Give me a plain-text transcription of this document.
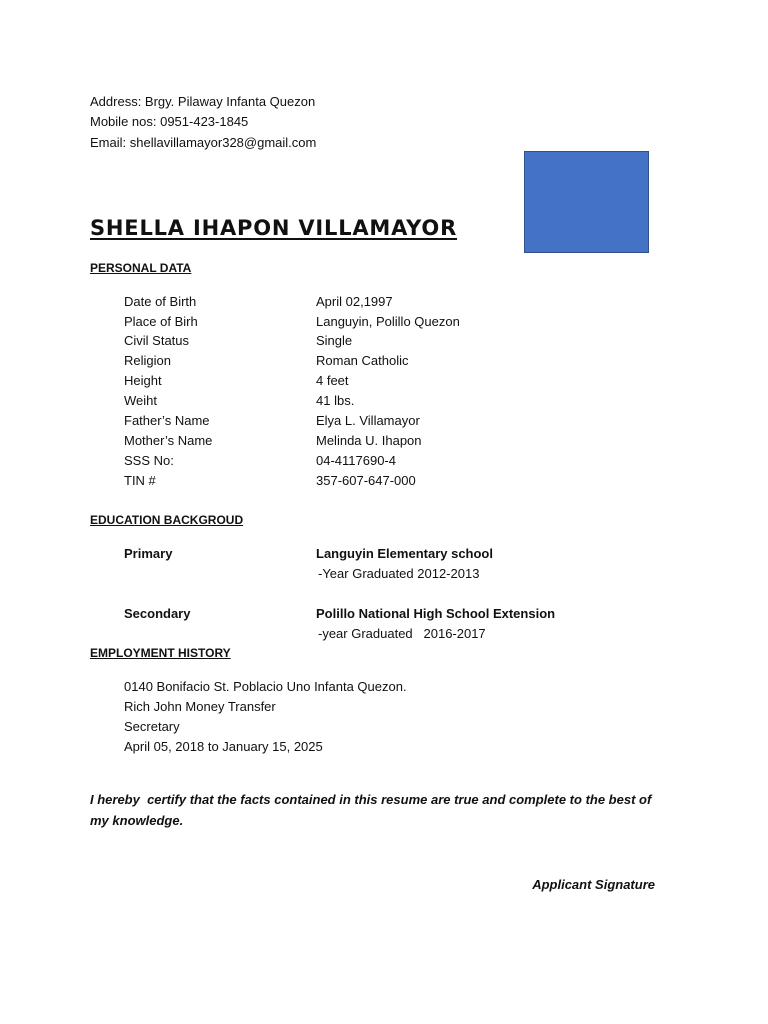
Address: Brgy. Pilaway Infanta Quezon
Mobile nos: 0951-423-1845
Email: shellavillamayor328@gmail.com
SHELLA IHAPON VILLAMAYOR
PERSONAL DATA
Date of Birth	April 02,1997
Place of Birh	Languyin, Polillo Quezon
Civil Status	Single
Religion	Roman Catholic
Height	4 feet
Weiht	41 lbs.
Father’s Name	Elya L. Villamayor
Mother’s Name	Melinda U. Ihapon
SSS No:	04-4117690-4
TIN #	357-607-647-000
EDUCATION BACKGROUD
Primary	Languyin Elementary school
-Year Graduated 2012-2013
Secondary	Polillo National High School Extension
-year Graduated   2016-2017
EMPLOYMENT HISTORY
0140 Bonifacio St. Poblacio Uno Infanta Quezon.
Rich John Money Transfer
Secretary
April 05, 2018 to January 15, 2025
I hereby  certify that the facts contained in this resume are true and complete to the best of my knowledge.
Applicant Signature
